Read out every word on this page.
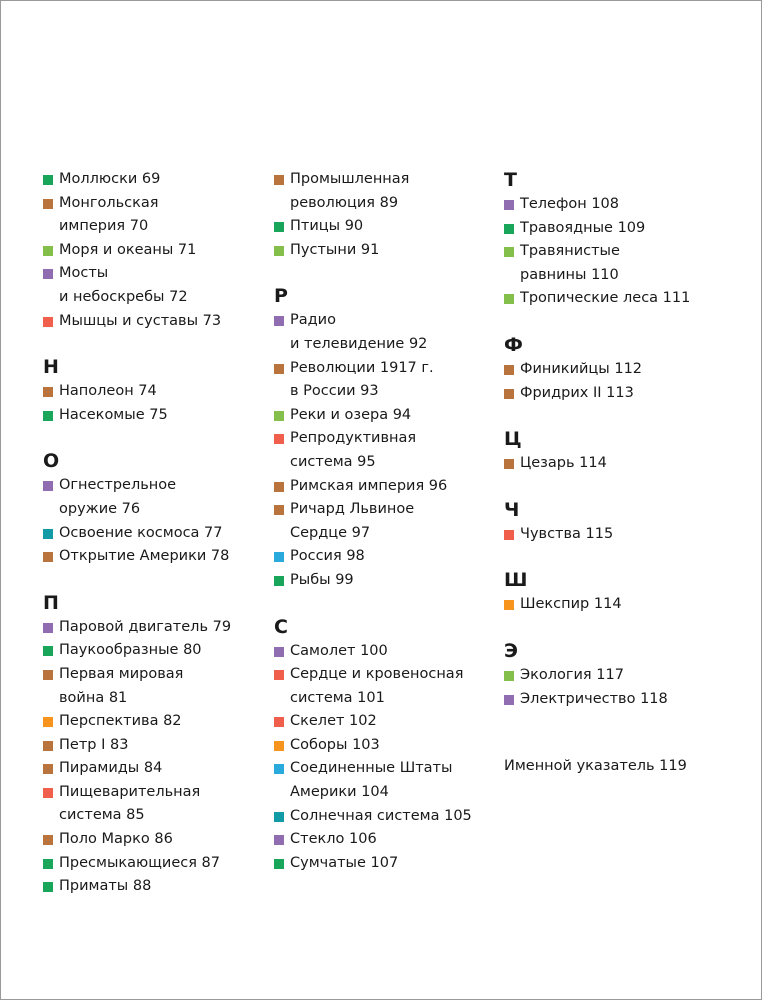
Моллюски 69
Монгольская
империя 70
Моря и океаны 71
Мосты
и небоскребы 72
Мышцы и суставы 73
Н
Наполеон 74
Насекомые 75
О
Огнестрельное
оружие 76
Освоение космоса 77
Открытие Америки 78
П
Паровой двигатель 79
Паукообразные 80
Первая мировая
война 81
Перспектива 82
Петр I 83
Пирамиды 84
Пищеварительная
система 85
Поло Марко 86
Пресмыкающиеся 87
Приматы 88
Промышленная
революция 89
Птицы 90
Пустыни 91
Р
Радио
и телевидение 92
Революции 1917 г.
в России 93
Реки и озера 94
Репродуктивная
система 95
Римская империя 96
Ричард Львиное
Сердце 97
Россия 98
Рыбы 99
С
Самолет 100
Сердце и кровеносная
система 101
Скелет 102
Соборы 103
Соединенные Штаты
Америки 104
Солнечная система 105
Стекло 106
Сумчатые 107
Т
Телефон 108
Травоядные 109
Травянистые
равнины 110
Тропические леса 111
Ф
Финикийцы 112
Фридрих II 113
Ц
Цезарь 114
Ч
Чувства 115
Ш
Шекспир 114
Э
Экология 117
Электричество 118
Именной указатель 119
